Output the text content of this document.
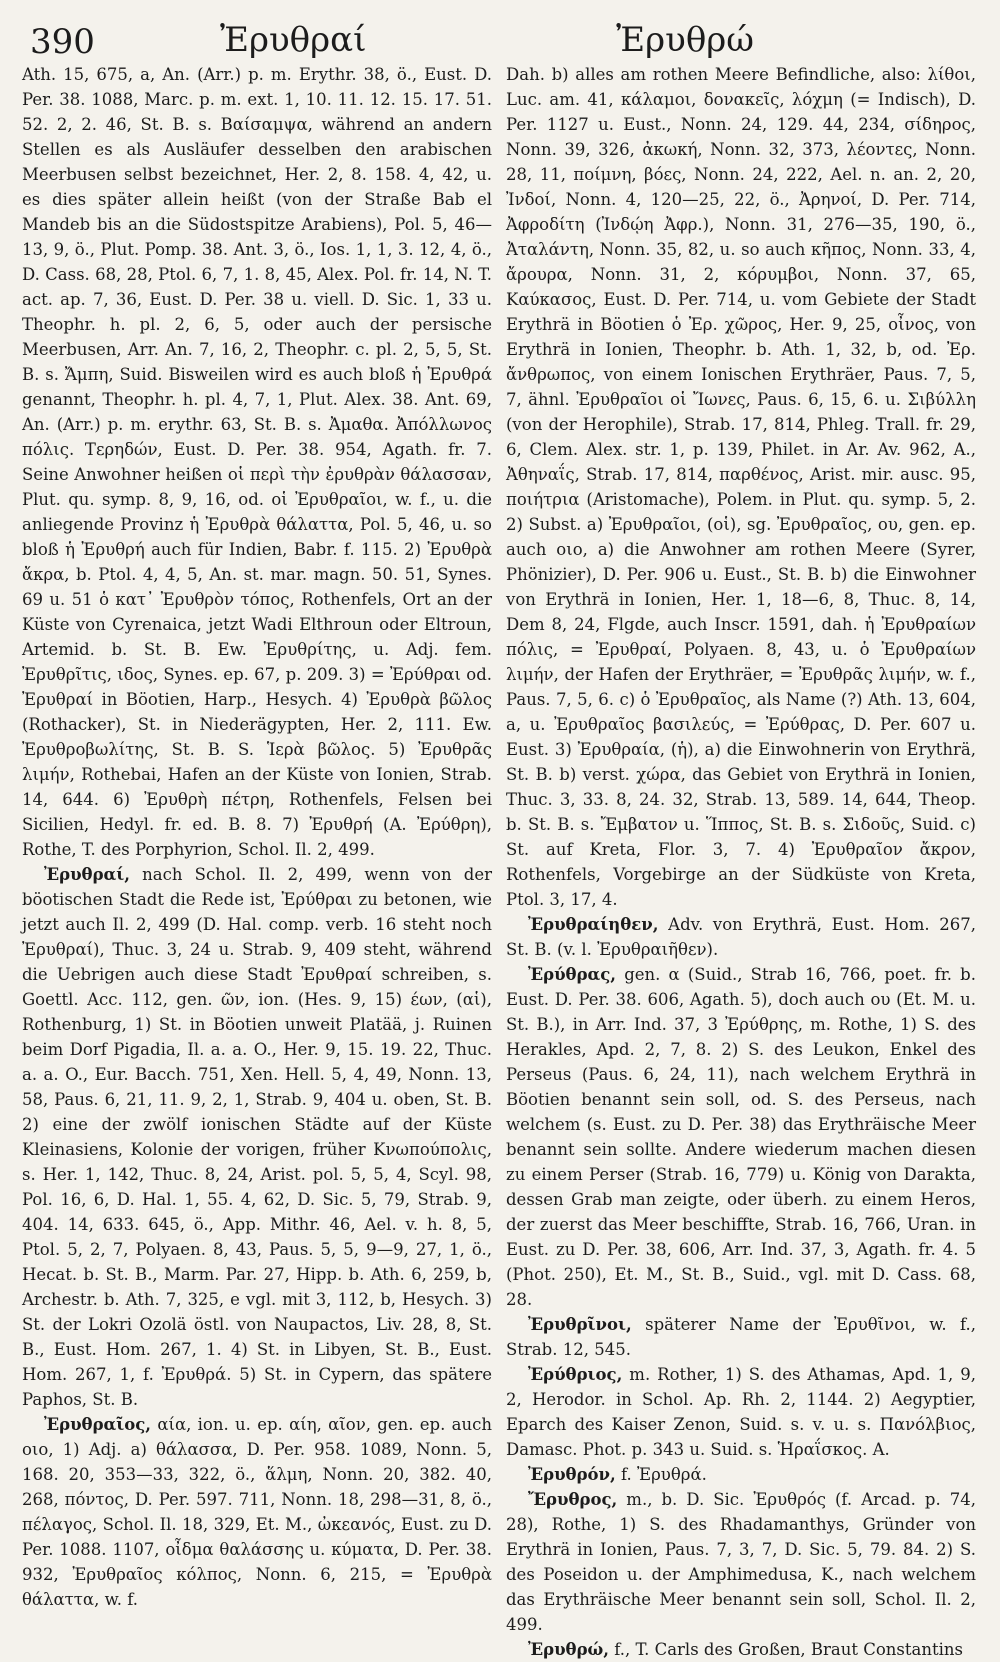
390	Ἐρυθραί	Ἐρυθρώ

Ath. 15, 675, a, An. (Arr.) p. m. Erythr. 38, ö., Eust. D. Per. 38. 1088, Marc. p. m. ext. 1, 10. 11. 12. 15. 17. 51. 52. 2, 2. 46, St. B. s. Βαίσαμψα, während an andern Stellen es als Ausläufer desselben den arabischen Meerbusen selbst bezeichnet, Her. 2, 8. 158. 4, 42, u. es dies später allein heißt (von der Straße Bab el Mandeb bis an die Südostspitze Arabiens), Pol. 5, 46—13, 9, ö., Plut. Pomp. 38. Ant. 3, ö., Ios. 1, 1, 3. 12, 4, ö., D. Cass. 68, 28, Ptol. 6, 7, 1. 8, 45, Alex. Pol. fr. 14, N. T. act. ap. 7, 36, Eust. D. Per. 38 u. viell. D. Sic. 1, 33 u. Theophr. h. pl. 2, 6, 5, oder auch der persische Meerbusen, Arr. An. 7, 16, 2, Theophr. c. pl. 2, 5, 5, St. B. s. Ἄμπη, Suid. Bisweilen wird es auch bloß ἡ Ἐρυθρά genannt, Theophr. h. pl. 4, 7, 1, Plut. Alex. 38. Ant. 69, An. (Arr.) p. m. erythr. 63, St. B. s. Ἀμαθα. Ἀπόλλωνος πόλις. Τερηδών, Eust. D. Per. 38. 954, Agath. fr. 7. Seine Anwohner heißen οἱ περὶ τὴν ἐρυθρὰν θάλασσαν, Plut. qu. symp. 8, 9, 16, od. οἱ Ἐρυθραῖοι, w. f., u. die anliegende Provinz ἡ Ἐρυθρὰ θάλαττα, Pol. 5, 46, u. so bloß ἡ Ἐρυθρή auch für Indien, Babr. f. 115. 2) Ἐρυθρὰ ἄκρα, b. Ptol. 4, 4, 5, An. st. mar. magn. 50. 51, Synes. 69 u. 51 ὁ κατ᾽ Ἐρυθρὸν τόπος, Rothenfels, Ort an der Küste von Cyrenaica, jetzt Wadi Elthroun oder Eltroun, Artemid. b. St. B. Ew. Ἐρυθρίτης, u. Adj. fem. Ἐρυθρῖτις, ιδος, Synes. ep. 67, p. 209. 3) = Ἐρύθραι od. Ἐρυθραί in Böotien, Harp., Hesych. 4) Ἐρυθρὰ βῶλος (Rothacker), St. in Niederägypten, Her. 2, 111. Ew. Ἐρυθροβωλίτης, St. B. S. Ἱερὰ βῶλος. 5) Ἐρυθρᾶς λιμήν, Rothebai, Hafen an der Küste von Ionien, Strab. 14, 644. 6) Ἐρυθρὴ πέτρη, Rothenfels, Felsen bei Sicilien, Hedyl. fr. ed. B. 8. 7) Ἐρυθρή (A. Ἐρύθρη), Rothe, T. des Porphyrion, Schol. Il. 2, 499.

Ἐρυθραί, nach Schol. Il. 2, 499, wenn von der böotischen Stadt die Rede ist, Ἐρύθραι zu betonen, wie jetzt auch Il. 2, 499 (D. Hal. comp. verb. 16 steht noch Ἐρυθραί), Thuc. 3, 24 u. Strab. 9, 409 steht, während die Uebrigen auch diese Stadt Ἐρυθραί schreiben, s. Goettl. Acc. 112, gen. ῶν, ion. (Hes. 9, 15) έων, (αἱ), Rothenburg, 1) St. in Böotien unweit Platää, j. Ruinen beim Dorf Pigadia, Il. a. a. O., Her. 9, 15. 19. 22, Thuc. a. a. O., Eur. Bacch. 751, Xen. Hell. 5, 4, 49, Nonn. 13, 58, Paus. 6, 21, 11. 9, 2, 1, Strab. 9, 404 u. oben, St. B. 2) eine der zwölf ionischen Städte auf der Küste Kleinasiens, Kolonie der vorigen, früher Κνωπούπολις, s. Her. 1, 142, Thuc. 8, 24, Arist. pol. 5, 5, 4, Scyl. 98, Pol. 16, 6, D. Hal. 1, 55. 4, 62, D. Sic. 5, 79, Strab. 9, 404. 14, 633. 645, ö., App. Mithr. 46, Ael. v. h. 8, 5, Ptol. 5, 2, 7, Polyaen. 8, 43, Paus. 5, 5, 9—9, 27, 1, ö., Hecat. b. St. B., Marm. Par. 27, Hipp. b. Ath. 6, 259, b, Archestr. b. Ath. 7, 325, e vgl. mit 3, 112, b, Hesych. 3) St. der Lokri Ozolä östl. von Naupactos, Liv. 28, 8, St. B., Eust. Hom. 267, 1. 4) St. in Libyen, St. B., Eust. Hom. 267, 1, f. Ἐρυθρά. 5) St. in Cypern, das spätere Paphos, St. B.

Ἐρυθραῖος, αία, ion. u. ep. αίη, αῖον, gen. ep. auch οιο, 1) Adj. a) θάλασσα, D. Per. 958. 1089, Nonn. 5, 168. 20, 353—33, 322, ö., ἅλμη, Nonn. 20, 382. 40, 268, πόντος, D. Per. 597. 711, Nonn. 18, 298—31, 8, ö., πέλαγος, Schol. Il. 18, 329, Et. M., ὠκεανός, Eust. zu D. Per. 1088. 1107, οἶδμα θαλάσσης u. κύματα, D. Per. 38. 932, Ἐρυθραῖος κόλπος, Nonn. 6, 215, = Ἐρυθρὰ θάλαττα, w. f.

Dah. b) alles am rothen Meere Befindliche, also: λίθοι, Luc. am. 41, κάλαμοι, δονακεῖς, λόχμη (= Indisch), D. Per. 1127 u. Eust., Nonn. 24, 129. 44, 234, σίδηρος, Nonn. 39, 326, ἀκωκή, Nonn. 32, 373, λέοντες, Nonn. 28, 11, ποίμνη, βόες, Nonn. 24, 222, Ael. n. an. 2, 20, Ἰνδοί, Nonn. 4, 120—25, 22, ö., Ἀρηνοί, D. Per. 714, Ἀφροδίτη (Ἰνδῴη Ἀφρ.), Nonn. 31, 276—35, 190, ö., Ἀταλάντη, Nonn. 35, 82, u. so auch κῆπος, Nonn. 33, 4, ἄρουρα, Nonn. 31, 2, κόρυμβοι, Nonn. 37, 65, Καύκασος, Eust. D. Per. 714, u. vom Gebiete der Stadt Erythrä in Böotien ὁ Ἐρ. χῶρος, Her. 9, 25, οἶνος, von Erythrä in Ionien, Theophr. b. Ath. 1, 32, b, od. Ἐρ. ἄνθρωπος, von einem Ionischen Erythräer, Paus. 7, 5, 7, ähnl. Ἐρυθραῖοι οἱ Ἴωνες, Paus. 6, 15, 6. u. Σιβύλλη (von der Herophile), Strab. 17, 814, Phleg. Trall. fr. 29, 6, Clem. Alex. str. 1, p. 139, Philet. in Ar. Av. 962, A., Ἀθηναΐς, Strab. 17, 814, παρθένος, Arist. mir. ausc. 95, ποιήτρια (Aristomache), Polem. in Plut. qu. symp. 5, 2. 2) Subst. a) Ἐρυθραῖοι, (οἱ), sg. Ἐρυθραῖος, ου, gen. ep. auch οιο, a) die Anwohner am rothen Meere (Syrer, Phönizier), D. Per. 906 u. Eust., St. B. b) die Einwohner von Erythrä in Ionien, Her. 1, 18—6, 8, Thuc. 8, 14, Dem 8, 24, Flgde, auch Inscr. 1591, dah. ἡ Ἐρυθραίων πόλις, = Ἐρυθραί, Polyaen. 8, 43, u. ὁ Ἐρυθραίων λιμήν, der Hafen der Erythräer, = Ἐρυθρᾶς λιμήν, w. f., Paus. 7, 5, 6. c) ὁ Ἐρυθραῖος, als Name (?) Ath. 13, 604, a, u. Ἐρυθραῖος βασιλεύς, = Ἐρύθρας, D. Per. 607 u. Eust. 3) Ἐρυθραία, (ἡ), a) die Einwohnerin von Erythrä, St. B. b) verst. χώρα, das Gebiet von Erythrä in Ionien, Thuc. 3, 33. 8, 24. 32, Strab. 13, 589. 14, 644, Theop. b. St. B. s. Ἔμβατον u. Ἵππος, St. B. s. Σιδοῦς, Suid. c) St. auf Kreta, Flor. 3, 7. 4) Ἐρυθραῖον ἄκρον, Rothenfels, Vorgebirge an der Südküste von Kreta, Ptol. 3, 17, 4.

Ἐρυθραίηθεν, Adv. von Erythrä, Eust. Hom. 267, St. B. (v. l. Ἐρυθραιῆθεν).

Ἐρύθρας, gen. α (Suid., Strab 16, 766, poet. fr. b. Eust. D. Per. 38. 606, Agath. 5), doch auch ου (Et. M. u. St. B.), in Arr. Ind. 37, 3 Ἐρύθρης, m. Rothe, 1) S. des Herakles, Apd. 2, 7, 8. 2) S. des Leukon, Enkel des Perseus (Paus. 6, 24, 11), nach welchem Erythrä in Böotien benannt sein soll, od. S. des Perseus, nach welchem (s. Eust. zu D. Per. 38) das Erythräische Meer benannt sein sollte. Andere wiederum machen diesen zu einem Perser (Strab. 16, 779) u. König von Darakta, dessen Grab man zeigte, oder überh. zu einem Heros, der zuerst das Meer beschiffte, Strab. 16, 766, Uran. in Eust. zu D. Per. 38, 606, Arr. Ind. 37, 3, Agath. fr. 4. 5 (Phot. 250), Et. M., St. B., Suid., vgl. mit D. Cass. 68, 28.

Ἐρυθρῖνοι, späterer Name der Ἐρυθῖνοι, w. f., Strab. 12, 545.

Ἐρύθριος, m. Rother, 1) S. des Athamas, Apd. 1, 9, 2, Herodor. in Schol. Ap. Rh. 2, 1144. 2) Aegyptier, Eparch des Kaiser Zenon, Suid. s. v. u. s. Πανόλβιος, Damasc. Phot. p. 343 u. Suid. s. Ἡραΐσκος. A.

Ἐρυθρόν, f. Ἐρυθρά.

Ἔρυθρος, m., b. D. Sic. Ἐρυθρός (f. Arcad. p. 74, 28), Rothe, 1) S. des Rhadamanthys, Gründer von Erythrä in Ionien, Paus. 7, 3, 7, D. Sic. 5, 79. 84. 2) S. des Poseidon u. der Amphimedusa, K., nach welchem das Erythräische Meer benannt sein soll, Schol. Il. 2, 499.

Ἐρυθρώ, f., T. Carls des Großen, Braut Constantins
